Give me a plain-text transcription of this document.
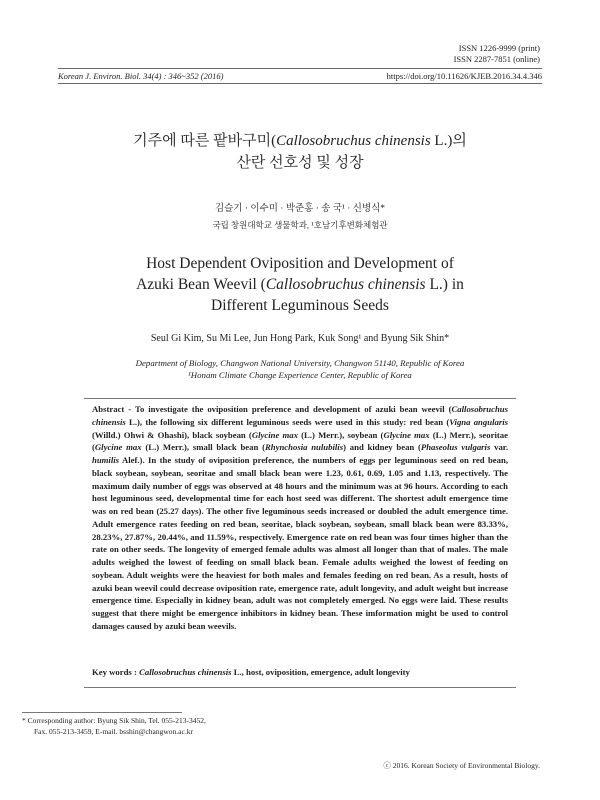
ISSN 1226-9999 (print)
ISSN 2287-7851 (online)
Korean J. Environ. Biol. 34(4) : 346~352 (2016)	https://doi.org/10.11626/KJEB.2016.34.4.346
기주에 따른 팥바구미(Callosobruchus chinensis L.)의
산란 선호성 및 성장
김슬기 · 이수미 · 박준홍 · 송 국¹ · 신병식*
국립 창원대학교 생물학과, ¹호남기후변화체험관
Host Dependent Oviposition and Development of
Azuki Bean Weevil (Callosobruchus chinensis L.) in
Different Leguminous Seeds
Seul Gi Kim, Su Mi Lee, Jun Hong Park, Kuk Song¹ and Byung Sik Shin*
Department of Biology, Changwon National University, Changwon 51140, Republic of Korea
¹Honam Climate Change Experience Center, Republic of Korea
Abstract - To investigate the oviposition preference and development of azuki bean weevil (Callosobruchus chinensis L.), the following six different leguminous seeds were used in this study: red bean (Vigna angularis (Willd.) Ohwi & Ohashi), black soybean (Glycine max (L.) Merr.), soybean (Glycine max (L.) Merr.), seoritae (Glycine max (L.) Merr.), small black bean (Rhynchosia nulubilis) and kidney bean (Phaseolus vulgaris var. humilis Alef.). In the study of oviposition preference, the numbers of eggs per leguminous seed on red bean, black soybean, soybean, seoritae and small black bean were 1.23, 0.61, 0.69, 1.05 and 1.13, respectively. The maximum daily number of eggs was observed at 48 hours and the minimum was at 96 hours. According to each host leguminous seed, developmental time for each host seed was different. The shortest adult emergence time was on red bean (25.27 days). The other five leguminous seeds increased or doubled the adult emergence time. Adult emergence rates feeding on red bean, seoritae, black soybean, soybean, small black bean were 83.33%, 28.23%, 27.87%, 20.44%, and 11.59%, respectively. Emergence rate on red bean was four times higher than the rate on other seeds. The longevity of emerged female adults was almost all longer than that of males. The male adults weighed the lowest of feeding on small black bean. Female adults weighed the lowest of feeding on soybean. Adult weights were the heaviest for both males and females feeding on red bean. As a result, hosts of azuki bean weevil could decrease oviposition rate, emergence rate, adult longevity, and adult weight but increase emergence time. Especially in kidney bean, adult was not completely emerged. No eggs were laid. These results suggest that there might be emergence inhibitors in kidney bean. These imformation might be used to control damages caused by azuki bean weevils.
Key words : Callosobruchus chinensis L., host, oviposition, emergence, adult longevity
* Corresponding author: Byung Sik Shin, Tel. 055-213-3452,
Fax. 055-213-3459, E-mail. bsshin@changwon.ac.kr
ⓒ 2016. Korean Society of Environmental Biology.
